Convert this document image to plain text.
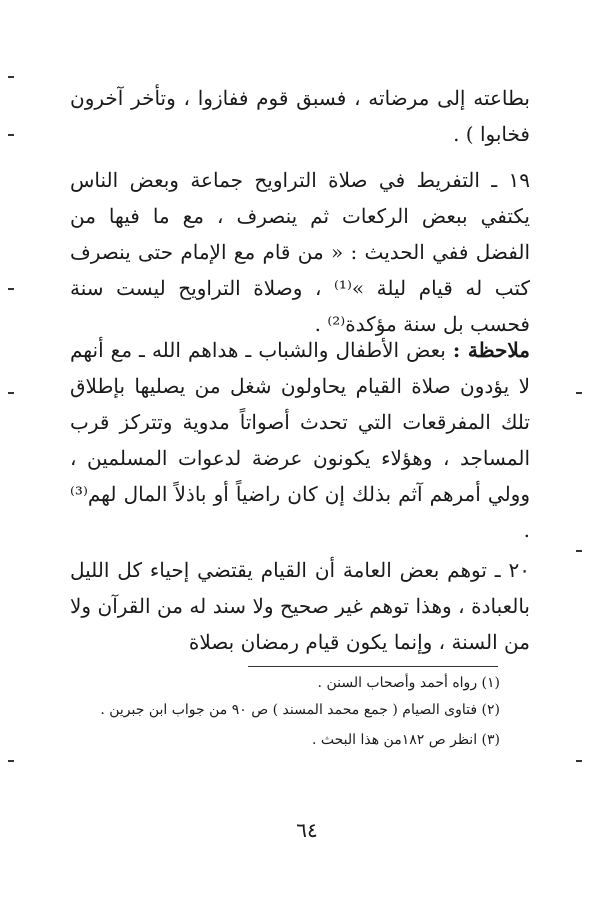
بطاعته إلى مرضاته ، فسبق قوم ففازوا ، وتأخر آخرون فخابوا ) .

١٩ ـ التفريط في صلاة التراويح جماعة وبعض الناس يكتفي ببعض الركعات ثم ينصرف ، مع ما فيها من الفضل ففي الحديث : « من قام مع الإمام حتى ينصرف كتب له قيام ليلة »⁽¹⁾ ، وصلاة التراويح ليست سنة فحسب بل سنة مؤكدة⁽²⁾ .

ملاحظة : بعض الأطفال والشباب ـ هداهم الله ـ مع أنهم لا يؤدون صلاة القيام يحاولون شغل من يصليها بإطلاق تلك المفرقعات التي تحدث أصواتاً مدوية وتتركز قرب المساجد ، وهؤلاء يكونون عرضة لدعوات المسلمين ، وولي أمرهم آثم بذلك إن كان راضياً أو باذلاً المال لهم⁽³⁾ .

٢٠ ـ توهم بعض العامة أن القيام يقتضي إحياء كل الليل بالعبادة ، وهذا توهم غير صحيح ولا سند له من القرآن ولا من السنة ، وإنما يكون قيام رمضان بصلاة

(١) رواه أحمد وأصحاب السنن .

(٢) فتاوى الصيام ( جمع محمد المسند ) ص ٩٠ من جواب ابن جبرين .

(٣) انظر ص ١٨٢من هذا البحث .

٦٤
